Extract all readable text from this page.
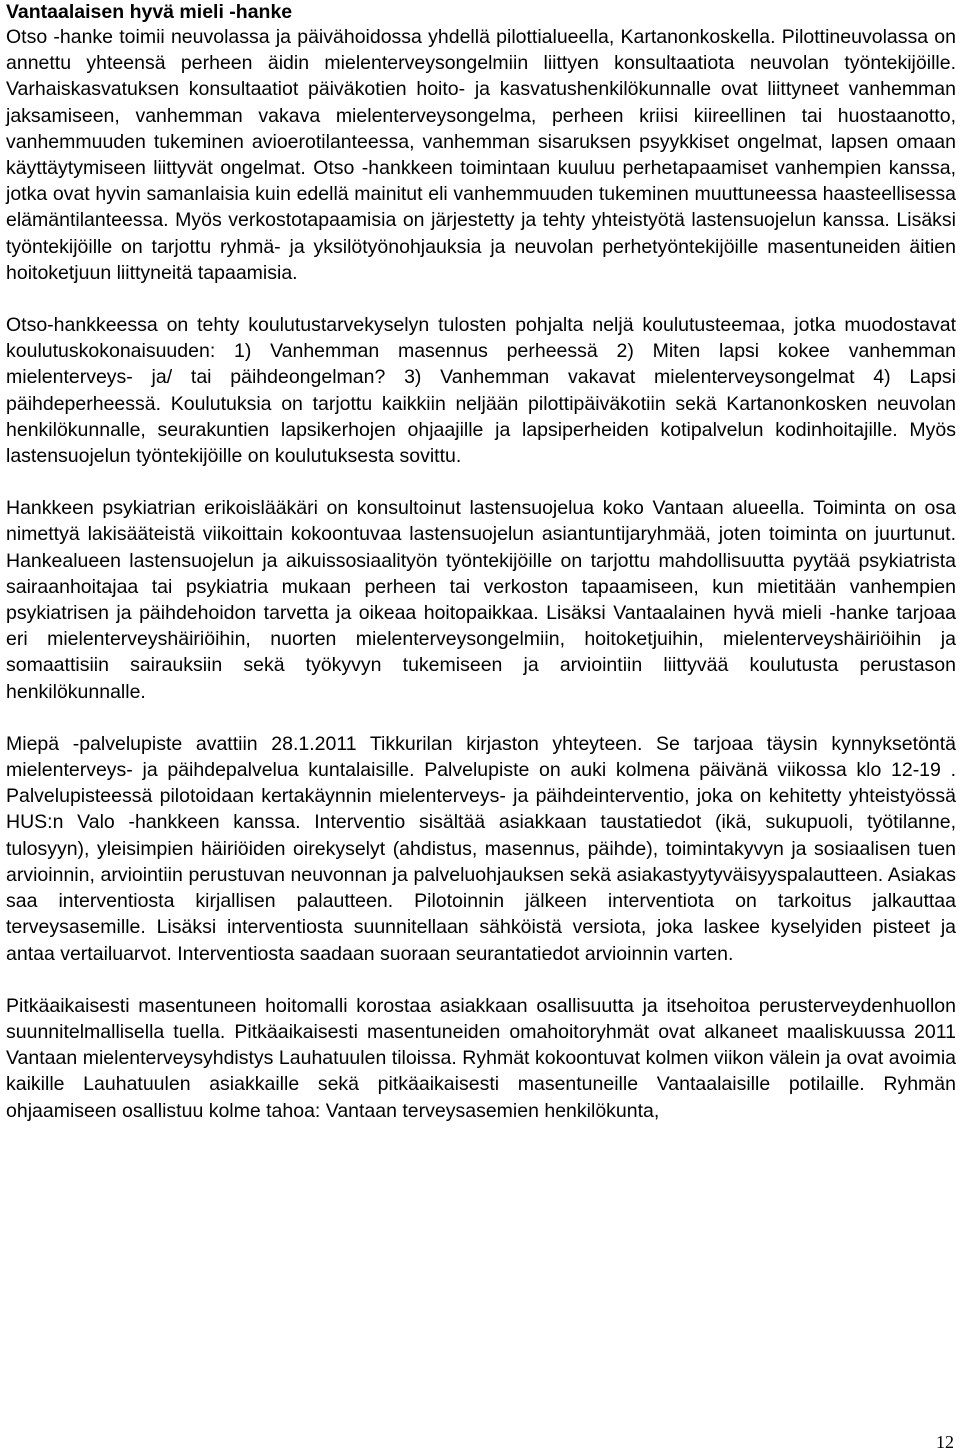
Vantaalaisen hyvä mieli -hanke

Otso -hanke toimii neuvolassa ja päivähoidossa yhdellä pilottialueella, Kartanonkoskella. Pilottineuvolassa on annettu yhteensä perheen äidin mielenterveysongelmiin liittyen konsultaatiota neuvolan työntekijöille. Varhaiskasvatuksen konsultaatiot päiväkotien hoito- ja kasvatushenkilökunnalle ovat liittyneet vanhemman jaksamiseen, vanhemman vakava mielenterveysongelma, perheen kriisi kiireellinen tai huostaanotto, vanhemmuuden tukeminen avioerotilanteessa, vanhemman sisaruksen psyykkiset ongelmat, lapsen omaan käyttäytymiseen liittyvät ongelmat. Otso -hankkeen toimintaan kuuluu perhetapaamiset vanhempien kanssa, jotka ovat hyvin samanlaisia kuin edellä mainitut eli vanhemmuuden tukeminen muuttuneessa haasteellisessa elämäntilanteessa. Myös verkostotapaamisia on järjestetty ja tehty yhteistyötä lastensuojelun kanssa. Lisäksi työntekijöille on tarjottu ryhmä- ja yksilötyönohjauksia ja neuvolan perhetyöntekijöille masentuneiden äitien hoitoketjuun liittyneitä tapaamisia.

Otso-hankkeessa on tehty koulutustarvekyselyn tulosten pohjalta neljä koulutusteemaa, jotka muodostavat koulutuskokonaisuuden: 1) Vanhemman masennus perheessä 2) Miten lapsi kokee vanhemman mielenterveys- ja/ tai päihdeongelman? 3) Vanhemman vakavat mielenterveysongelmat 4) Lapsi päihdeperheessä. Koulutuksia on tarjottu kaikkiin neljään pilottipäiväkotiin sekä Kartanonkosken neuvolan henkilökunnalle, seurakuntien lapsikerhojen ohjaajille ja lapsiperheiden kotipalvelun kodinhoitajille. Myös lastensuojelun työntekijöille on koulutuksesta sovittu.

Hankkeen psykiatrian erikoislääkäri on konsultoinut lastensuojelua koko Vantaan alueella. Toiminta on osa nimettyä lakisääteistä viikoittain kokoontuvaa lastensuojelun asiantuntijaryhmää, joten toiminta on juurtunut. Hankealueen lastensuojelun ja aikuissosiaalityön työntekijöille on tarjottu mahdollisuutta pyytää psykiatrista sairaanhoitajaa tai psykiatria mukaan perheen tai verkoston tapaamiseen, kun mietitään vanhempien psykiatrisen ja päihdehoidon tarvetta ja oikeaa hoitopaikkaa. Lisäksi Vantaalainen hyvä mieli -hanke tarjoaa eri mielenterveyshäiriöihin, nuorten mielenterveysongelmiin, hoitoketjuihin, mielenterveyshäiriöihin ja somaattisiin sairauksiin sekä työkyvyn tukemiseen ja arviointiin liittyvää koulutusta perustason henkilökunnalle.

Miepä -palvelupiste avattiin 28.1.2011 Tikkurilan kirjaston yhteyteen. Se tarjoaa täysin kynnyksetöntä mielenterveys- ja päihdepalvelua kuntalaisille. Palvelupiste on auki kolmena päivänä viikossa klo 12-19 . Palvelupisteessä pilotoidaan kertakäynnin mielenterveys- ja päihdeinterventio, joka on kehitetty yhteistyössä HUS:n Valo -hankkeen kanssa. Interventio sisältää asiakkaan taustatiedot (ikä, sukupuoli, työtilanne, tulosyyn), yleisimpien häiriöiden oirekyselyt (ahdistus, masennus, päihde), toimintakyvyn ja sosiaalisen tuen arvioinnin, arviointiin perustuvan neuvonnan ja palveluohjauksen sekä asiakastyytyväisyyspalautteen. Asiakas saa interventiosta kirjallisen palautteen. Pilotoinnin jälkeen interventiota on tarkoitus jalkauttaa terveysasemille. Lisäksi interventiosta suunnitellaan sähköistä versiota, joka laskee kyselyiden pisteet ja antaa vertailuarvot. Interventiosta saadaan suoraan seurantatiedot arvioinnin varten.

Pitkäaikaisesti masentuneen hoitomalli korostaa asiakkaan osallisuutta ja itsehoitoa perusterveydenhuollon suunnitelmallisella tuella. Pitkäaikaisesti masentuneiden omahoitoryhmät ovat alkaneet maaliskuussa 2011 Vantaan mielenterveysyhdistys Lauhatuulen tiloissa. Ryhmät kokoontuvat kolmen viikon välein ja ovat avoimia kaikille Lauhatuulen asiakkaille sekä pitkäaikaisesti masentuneille Vantaalaisille potilaille. Ryhmän ohjaamiseen osallistuu kolme tahoa: Vantaan terveysasemien henkilökunta,

12
